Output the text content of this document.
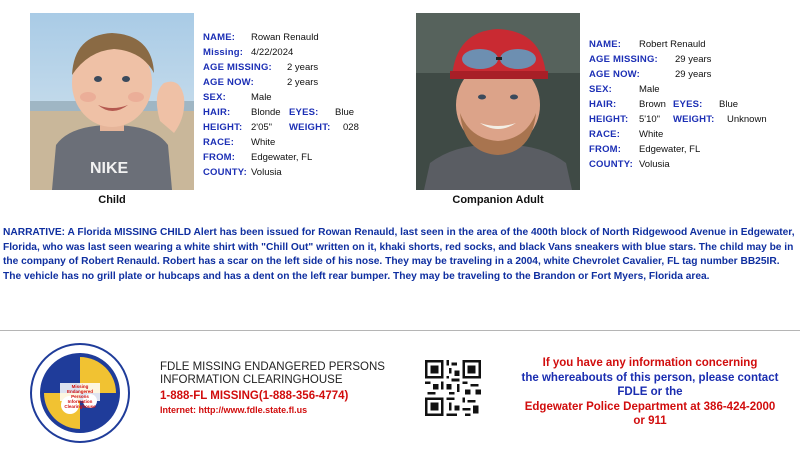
NIKE
Child
NAME:	Rowan Renauld
Missing: 4/22/2024
AGE MISSING:	2 years
AGE NOW:	2 years
SEX:	Male
HAIR:	Blonde EYES:	Blue
HEIGHT: 2'05"	WEIGHT:	028
RACE:	White
FROM:	Edgewater, FL
COUNTY: Volusia
Companion Adult
NAME:	Robert Renauld
AGE MISSING:	29 years
AGE NOW:	29 years
SEX:	Male
HAIR:	Brown EYES:	Blue
HEIGHT:	5'10"	WEIGHT:	Unknown
RACE:	White
FROM:	Edgewater, FL
COUNTY: Volusia
NARRATIVE: A Florida MISSING CHILD Alert has been issued for Rowan Renauld, last seen in the area of the 400th block of North Ridgewood Avenue in Edgewater, Florida, who was last seen wearing a white shirt with "Chill Out" written on it, khaki shorts, red socks, and black Vans sneakers with blue stars. The child may be in the company of Robert Renauld. Robert has a scar on the left side of his nose. They may be traveling in a 2004, white Chevrolet Cavalier, FL tag number BB25IR. The vehicle has no grill plate or hubcaps and has a dent on the left rear bumper. They may be traveling to the Brandon or Fort Myers, Florida area.
Missing Endangered Persons Information Clearinghouse
FDLE MISSING ENDANGERED PERSONS
INFORMATION CLEARINGHOUSE
1-888-FL MISSING(1-888-356-4774)
Internet: http://www.fdle.state.fl.us
If you have any information concerning
the whereabouts of this person, please contact
FDLE or the
Edgewater Police Department at 386-424-2000
or 911
